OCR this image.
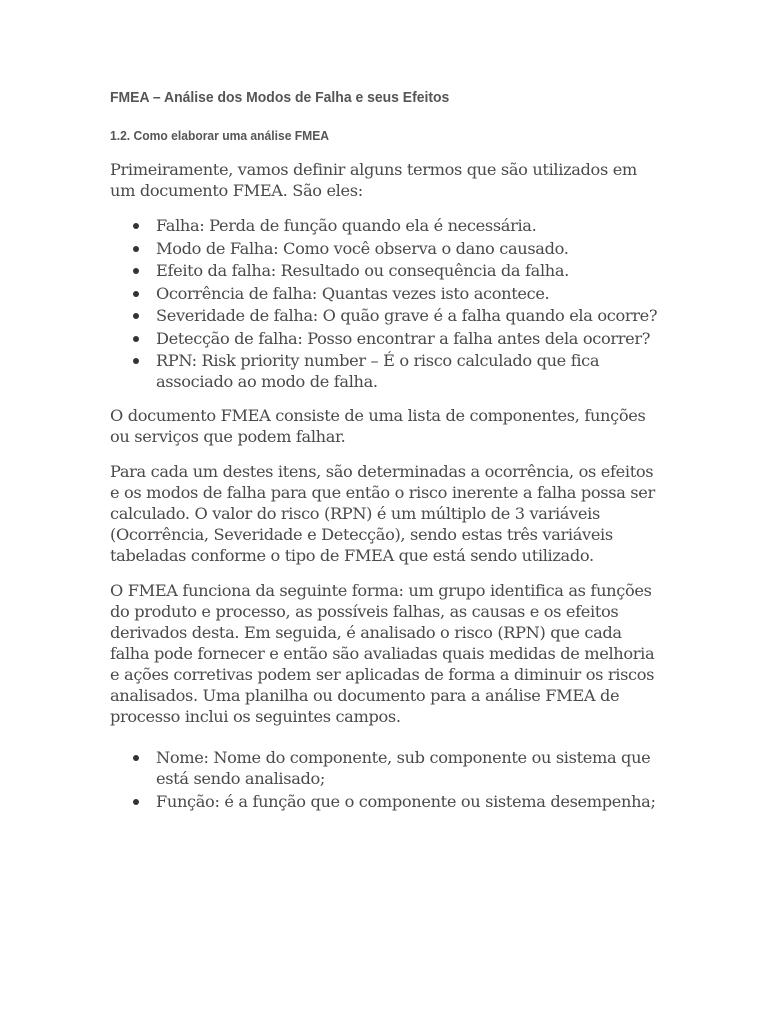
FMEA – Análise dos Modos de Falha e seus Efeitos
1.2. Como elaborar uma análise FMEA

Primeiramente, vamos definir alguns termos que são utilizados em um documento FMEA. São eles:

Falha: Perda de função quando ela é necessária.
Modo de Falha: Como você observa o dano causado.
Efeito da falha: Resultado ou consequência da falha.
Ocorrência de falha: Quantas vezes isto acontece.
Severidade de falha: O quão grave é a falha quando ela ocorre?
Detecção de falha: Posso encontrar a falha antes dela ocorrer?
RPN: Risk priority number – É o risco calculado que fica associado ao modo de falha.

O documento FMEA consiste de uma lista de componentes, funções ou serviços que podem falhar.

Para cada um destes itens, são determinadas a ocorrência, os efeitos e os modos de falha para que então o risco inerente a falha possa ser calculado. O valor do risco (RPN) é um múltiplo de 3 variáveis (Ocorrência, Severidade e Detecção), sendo estas três variáveis tabeladas conforme o tipo de FMEA que está sendo utilizado.

O FMEA funciona da seguinte forma: um grupo identifica as funções do produto e processo, as possíveis falhas, as causas e os efeitos derivados desta. Em seguida, é analisado o risco (RPN) que cada falha pode fornecer e então são avaliadas quais medidas de melhoria e ações corretivas podem ser aplicadas de forma a diminuir os riscos analisados. Uma planilha ou documento para a análise FMEA de processo inclui os seguintes campos.

Nome: Nome do componente, sub componente ou sistema que está sendo analisado;
Função: é a função que o componente ou sistema desempenha;
